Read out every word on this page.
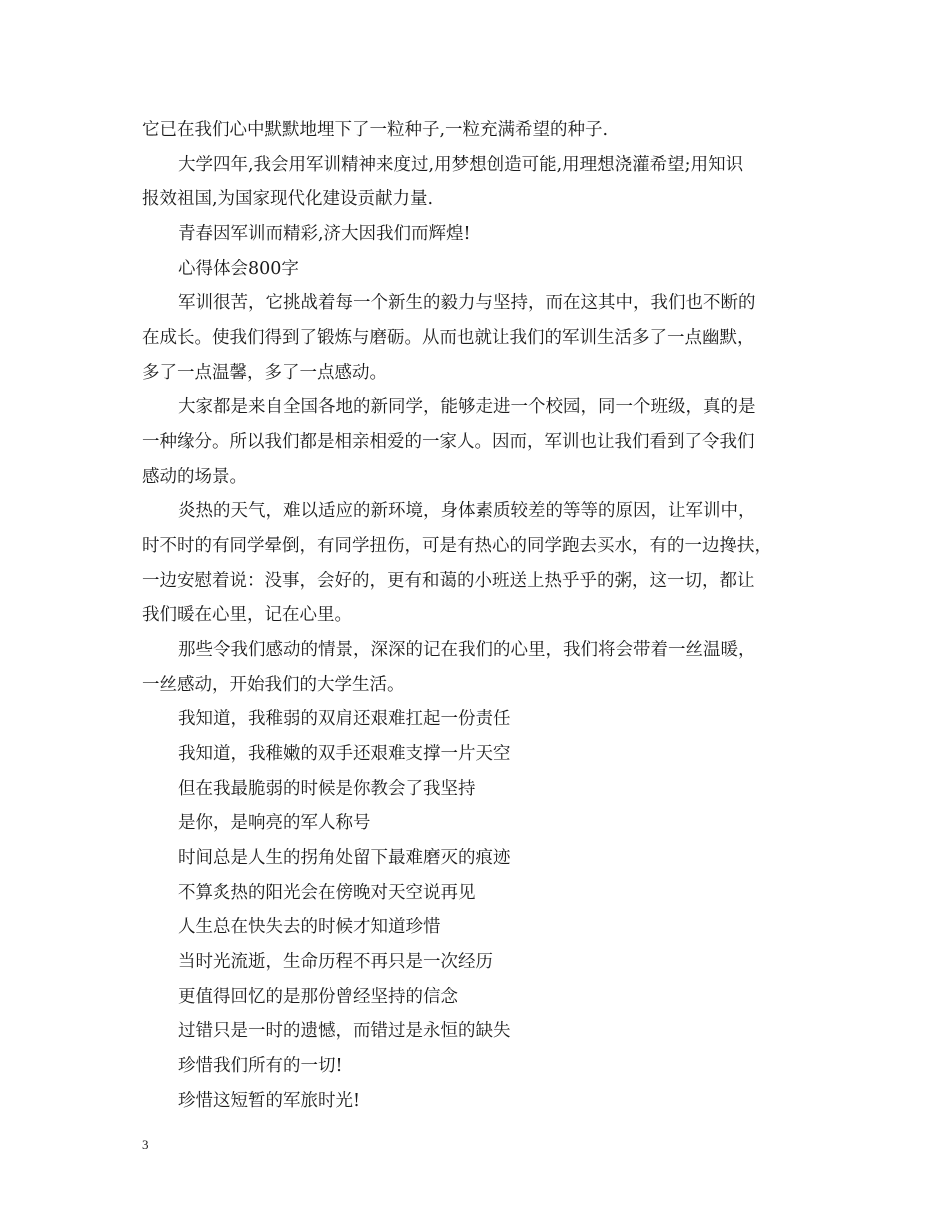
它已在我们心中默默地埋下了一粒种子,一粒充满希望的种子.
大学四年,我会用军训精神来度过,用梦想创造可能,用理想浇灌希望;用知识
报效祖国,为国家现代化建设贡献力量.
青春因军训而精彩,济大因我们而辉煌!
心得体会800字
军训很苦，它挑战着每一个新生的毅力与坚持，而在这其中，我们也不断的
在成长。使我们得到了锻炼与磨砺。从而也就让我们的军训生活多了一点幽默，
多了一点温馨，多了一点感动。
大家都是来自全国各地的新同学，能够走进一个校园，同一个班级，真的是
一种缘分。所以我们都是相亲相爱的一家人。因而，军训也让我们看到了令我们
感动的场景。
炎热的天气，难以适应的新环境，身体素质较差的等等的原因，让军训中，
时不时的有同学晕倒，有同学扭伤，可是有热心的同学跑去买水，有的一边搀扶，
一边安慰着说：没事，会好的，更有和蔼的小班送上热乎乎的粥，这一切，都让
我们暖在心里，记在心里。
那些令我们感动的情景，深深的记在我们的心里，我们将会带着一丝温暖，
一丝感动，开始我们的大学生活。
我知道，我稚弱的双肩还艰难扛起一份责任
我知道，我稚嫩的双手还艰难支撑一片天空
但在我最脆弱的时候是你教会了我坚持
是你，是响亮的军人称号
时间总是人生的拐角处留下最难磨灭的痕迹
不算炙热的阳光会在傍晚对天空说再见
人生总在快失去的时候才知道珍惜
当时光流逝，生命历程不再只是一次经历
更值得回忆的是那份曾经坚持的信念
过错只是一时的遗憾，而错过是永恒的缺失
珍惜我们所有的一切!
珍惜这短暂的军旅时光!
3
